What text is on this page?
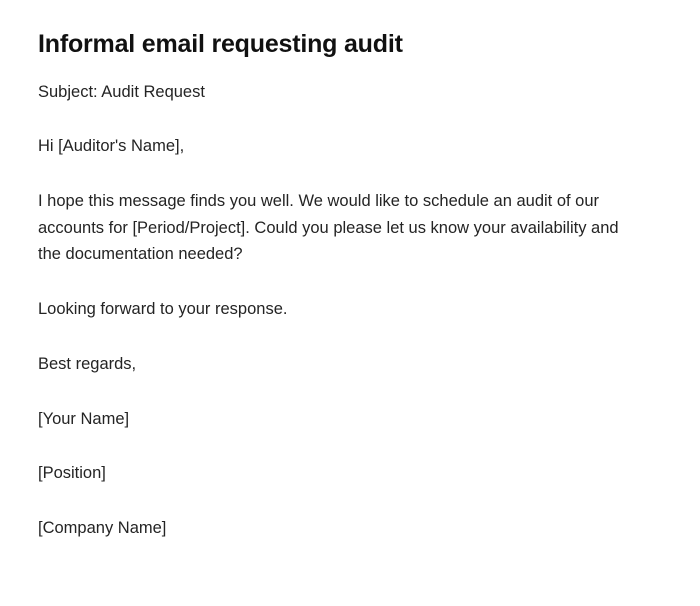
Informal email requesting audit

Subject: Audit Request

Hi [Auditor's Name],

I hope this message finds you well. We would like to schedule an audit of our accounts for [Period/Project]. Could you please let us know your availability and the documentation needed?

Looking forward to your response.

Best regards,

[Your Name]

[Position]

[Company Name]
